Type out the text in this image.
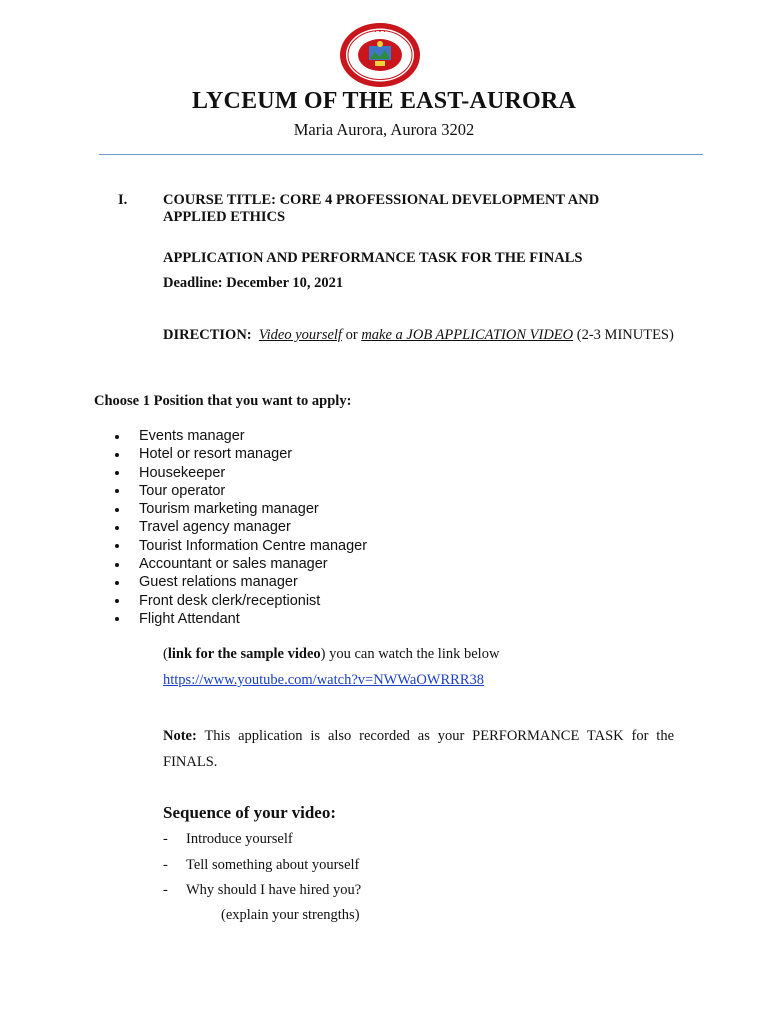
• • •
LYCEUM OF THE EAST-AURORA
Maria Aurora, Aurora 3202
I. COURSE TITLE: CORE 4 PROFESSIONAL DEVELOPMENT AND APPLIED ETHICS
APPLICATION AND PERFORMANCE TASK FOR THE FINALS
Deadline: December 10, 2021
DIRECTION: Video yourself or make a JOB APPLICATION VIDEO (2-3 MINUTES)
Choose 1 Position that you want to apply:
Events manager
Hotel or resort manager
Housekeeper
Tour operator
Tourism marketing manager
Travel agency manager
Tourist Information Centre manager
Accountant or sales manager
Guest relations manager
Front desk clerk/receptionist
Flight Attendant
(link for the sample video) you can watch the link below
https://www.youtube.com/watch?v=NWWaOWRRR38
Note: This application is also recorded as your PERFORMANCE TASK for the FINALS.
Sequence of your video:
- Introduce yourself
- Tell something about yourself
- Why should I have hired you?
(explain your strengths)
